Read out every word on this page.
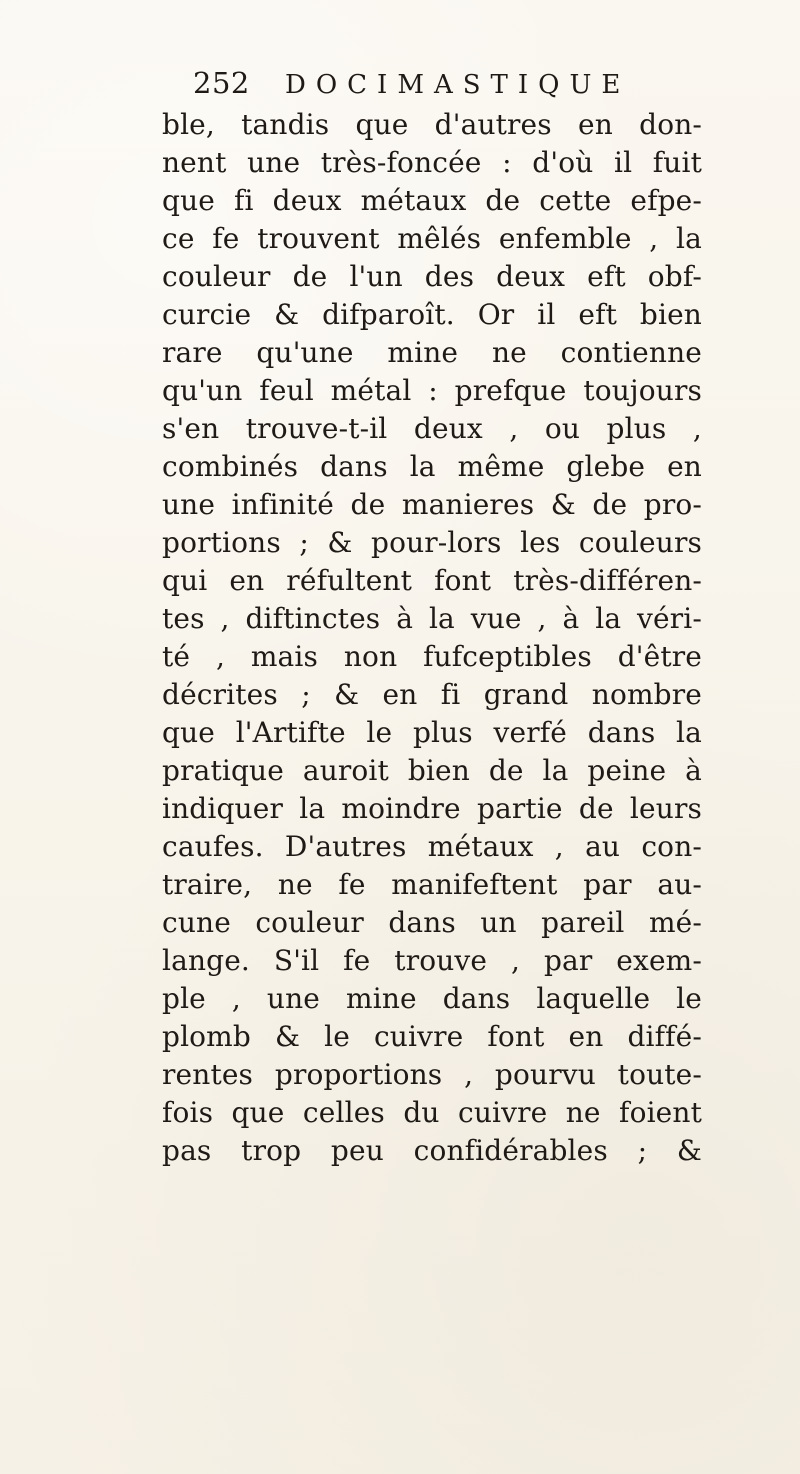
252 DOCIMASTIQUE
ble, tandis que d'autres en don-
nent une très-foncée : d'où il fuit
que fi deux métaux de cette efpe-
ce fe trouvent mêlés enfemble , la
couleur de l'un des deux eft obf-
curcie & difparoît. Or il eft bien
rare qu'une mine ne contienne
qu'un feul métal : prefque toujours
s'en trouve-t-il deux , ou plus ,
combinés dans la même glebe en
une infinité de manieres & de pro-
portions ; & pour-lors les couleurs
qui en réfultent font très-différen-
tes , diftinctes à la vue , à la véri-
té , mais non fufceptibles d'être
décrites ; & en fi grand nombre
que l'Artifte le plus verfé dans la
pratique auroit bien de la peine à
indiquer la moindre partie de leurs
caufes. D'autres métaux , au con-
traire, ne fe manifeftent par au-
cune couleur dans un pareil mé-
lange. S'il fe trouve , par exem-
ple , une mine dans laquelle le
plomb & le cuivre font en diffé-
rentes proportions , pourvu toute-
fois que celles du cuivre ne foient
pas trop peu confidérables ; &
